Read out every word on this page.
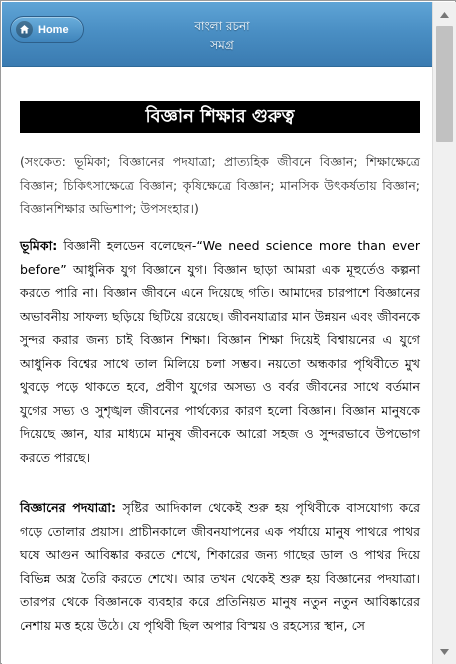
Home	বাংলা রচনা
সমগ্র
বিজ্ঞান শিক্ষার গুরুত্ব

(সংকেত: ভূমিকা; বিজ্ঞানের পদযাত্রা; প্রাত্যহিক জীবনে বিজ্ঞান; শিক্ষাক্ষেত্রে বিজ্ঞান; চিকিৎসাক্ষেত্রে বিজ্ঞান; কৃষিক্ষেত্রে বিজ্ঞান; মানসিক উৎকর্ষতায় বিজ্ঞান; বিজ্ঞানশিক্ষার অভিশাপ; উপসংহার।)

ভূমিকা: বিজ্ঞানী হলডেন বলেছেন-“We need science more than ever before” আধুনিক যুগ বিজ্ঞানে যুগ। বিজ্ঞান ছাড়া আমরা এক মূহুর্তেও কল্পনা করতে পারি না। বিজ্ঞান জীবনে এনে দিয়েছে গতি। আমাদের চারপাশে বিজ্ঞানের অভাবনীয় সাফল্য ছড়িয়ে ছিটিয়ে রয়েছে। জীবনযাত্রার মান উন্নয়ন এবং জীবনকে সুন্দর করার জন্য চাই বিজ্ঞান শিক্ষা। বিজ্ঞান শিক্ষা দিয়েই বিশ্বায়নের এ যুগে আধুনিক বিশ্বের সাথে তাল মিলিয়ে চলা সম্ভব। নয়তো অন্ধকার পৃথিবীতে মুখ থুবড়ে পড়ে থাকতে হবে, প্রবীণ যুগের অসভ্য ও বর্বর জীবনের সাথে বর্তমান যুগের সভ্য ও সুশৃঙ্খল জীবনের পার্থক্যের কারণ হলো বিজ্ঞান। বিজ্ঞান মানুষকে দিয়েছে জ্ঞান, যার মাধ্যমে মানুষ জীবনকে আরো সহজ ও সুন্দরভাবে উপভোগ করতে পারছে।

বিজ্ঞানের পদযাত্রা: সৃষ্টির আদিকাল থেকেই শুরু হয় পৃথিবীকে বাসযোগ্য করে গড়ে তোলার প্রয়াস। প্রাচীনকালে জীবনযাপনের এক পর্যায়ে মানুষ পাথরে পাথর ঘষে আগুন আবিষ্কার করতে শেখে, শিকারের জন্য গাছের ডাল ও পাথর দিয়ে বিভিন্ন অস্ত্র তৈরি করতে শেখে। আর তখন থেকেই শুরু হয় বিজ্ঞানের পদযাত্রা। তারপর থেকে বিজ্ঞানকে ব্যবহার করে প্রতিনিয়ত মানুষ নতুন নতুন আবিষ্কারের নেশায় মত্ত হয়ে উঠে। যে পৃথিবী ছিল অপার বিস্ময় ও রহস্যের স্থান, সে
